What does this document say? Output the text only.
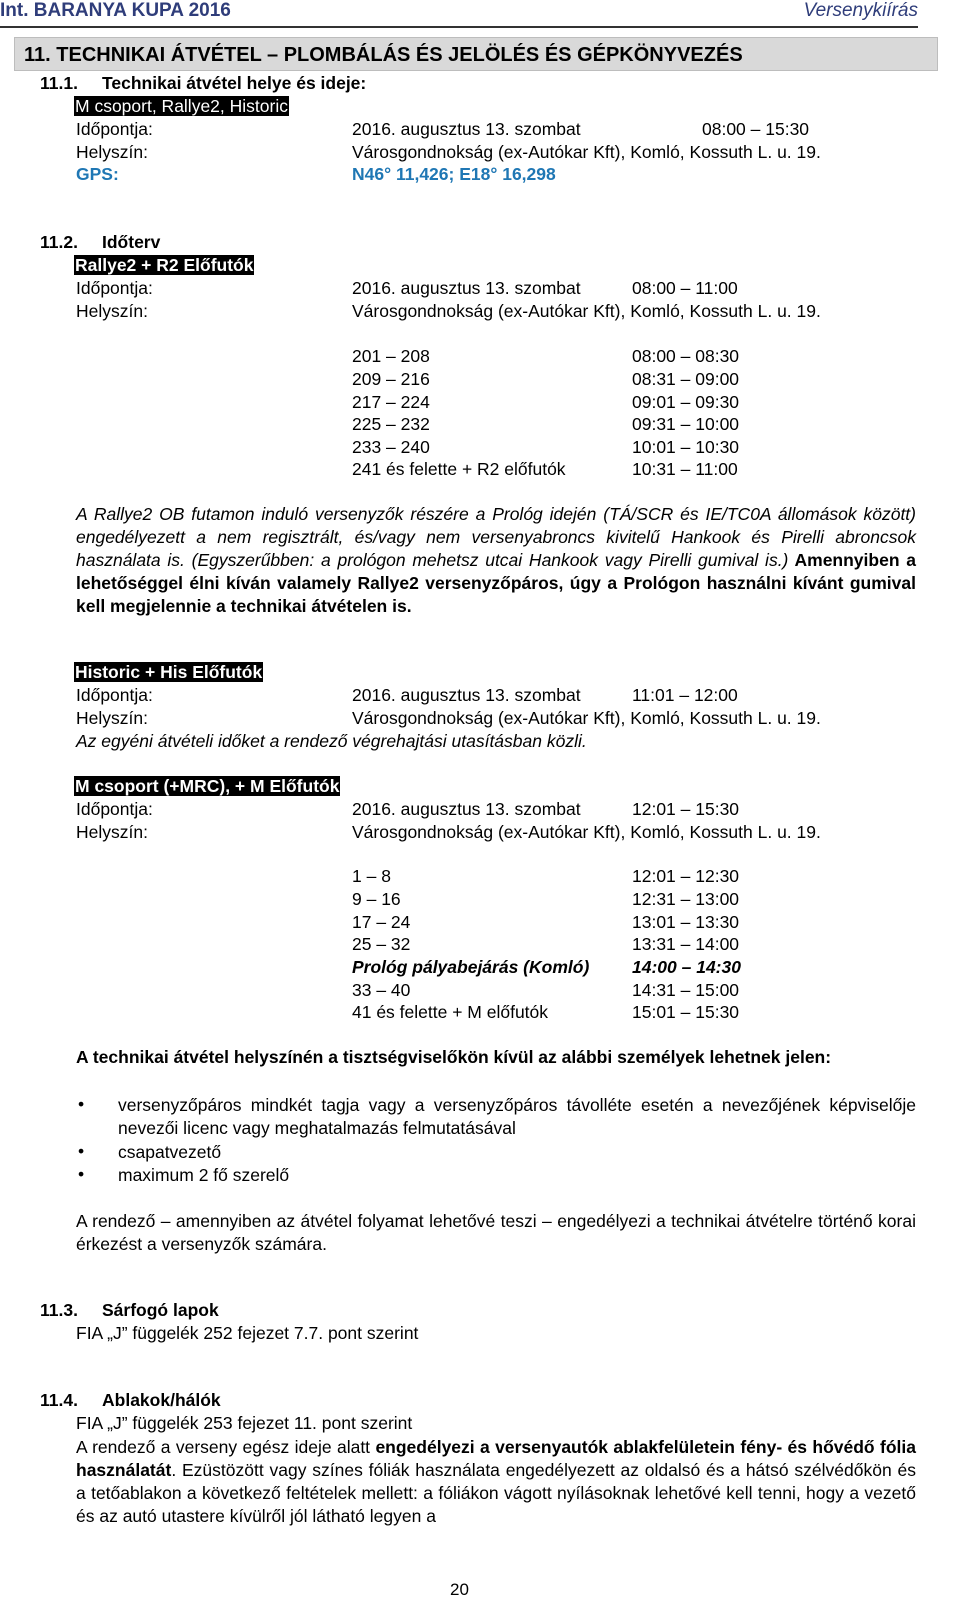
Int. BARANYA KUPA 2016	Versenykiírás
11. TECHNIKAI ÁTVÉTEL – PLOMBÁLÁS ÉS JELÖLÉS ÉS GÉPKÖNYVEZÉS
11.1. Technikai átvétel helye és ideje:
M csoport, Rallye2, Historic
Időpontja:	2016. augusztus 13. szombat	08:00 – 15:30
Helyszín:	Városgondnokság (ex-Autókar Kft), Komló, Kossuth L. u. 19.
GPS:	N46° 11,426; E18° 16,298
11.2. Időterv
Rallye2 + R2 Előfutók
Időpontja:	2016. augusztus 13. szombat	08:00 – 11:00
Helyszín:	Városgondnokság (ex-Autókar Kft), Komló, Kossuth L. u. 19.
201 – 208	08:00 – 08:30
209 – 216	08:31 – 09:00
217 – 224	09:01 – 09:30
225 – 232	09:31 – 10:00
233 – 240	10:01 – 10:30
241 és felette + R2 előfutók	10:31 – 11:00
A Rallye2 OB futamon induló versenyzők részére a Prológ idején (TÁ/SCR és IE/TC0A állomások között) engedélyezett a nem regisztrált, és/vagy nem versenyabroncs kivitelű Hankook és Pirelli abroncsok használata is. (Egyszerűbben: a prológon mehetsz utcai Hankook vagy Pirelli gumival is.) Amennyiben a lehetőséggel élni kíván valamely Rallye2 versenyzőpáros, úgy a Prológon használni kívánt gumival kell megjelennie a technikai átvételen is.
Historic + His Előfutók
Időpontja:	2016. augusztus 13. szombat	11:01 – 12:00
Helyszín:	Városgondnokság (ex-Autókar Kft), Komló, Kossuth L. u. 19.
Az egyéni átvételi időket a rendező végrehajtási utasításban közli.
M csoport (+MRC), + M Előfutók
Időpontja:	2016. augusztus 13. szombat	12:01 – 15:30
Helyszín:	Városgondnokság (ex-Autókar Kft), Komló, Kossuth L. u. 19.
1 – 8	12:01 – 12:30
9 – 16	12:31 – 13:00
17 – 24	13:01 – 13:30
25 – 32	13:31 – 14:00
Prológ pályabejárás (Komló) 14:00 – 14:30
33 – 40	14:31 – 15:00
41 és felette + M előfutók	15:01 – 15:30
A technikai átvétel helyszínén a tisztségviselőkön kívül az alábbi személyek lehetnek jelen:
• versenyzőpáros mindkét tagja vagy a versenyzőpáros távolléte esetén a nevezőjének képviselője nevezői licenc vagy meghatalmazás felmutatásával
• csapatvezető
• maximum 2 fő szerelő
A rendező – amennyiben az átvétel folyamat lehetővé teszi – engedélyezi a technikai átvételre történő korai érkezést a versenyzők számára.
11.3. Sárfogó lapok
FIA „J” függelék 252 fejezet 7.7. pont szerint
11.4. Ablakok/hálók
FIA „J” függelék 253 fejezet 11. pont szerint
A rendező a verseny egész ideje alatt engedélyezi a versenyautók ablakfelületein fény- és hővédő fólia használatát. Ezüstözött vagy színes fóliák használata engedélyezett az oldalsó és a hátsó szélvédőkön és a tetőablakon a következő feltételek mellett: a fóliákon vágott nyílásoknak lehetővé kell tenni, hogy a vezető és az autó utastere kívülről jól látható legyen a
20
